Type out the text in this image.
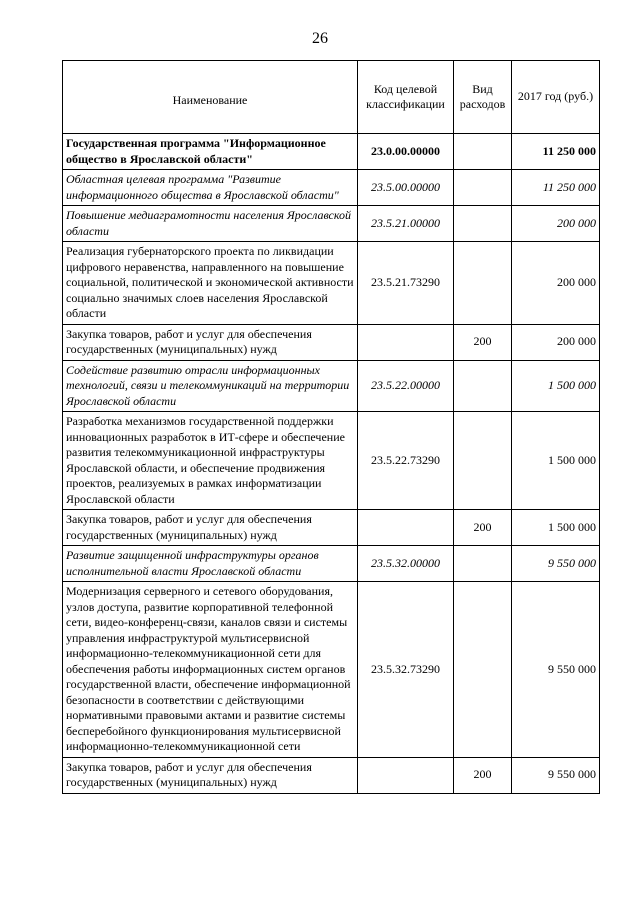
26
Наименование	Код целевой классификации	Вид расходов	2017 год (руб.)
Государственная программа "Информационное общество в Ярославской области"	23.0.00.00000		11 250 000
Областная целевая программа "Развитие информационного общества в Ярославской области"	23.5.00.00000		11 250 000
Повышение медиаграмотности населения Ярославской области	23.5.21.00000		200 000
Реализация губернаторского проекта по ликвидации цифрового неравенства, направленного на повышение социальной, политической и экономической активности социально значимых слоев населения Ярославской области	23.5.21.73290		200 000
Закупка товаров, работ и услуг для обеспечения государственных (муниципальных) нужд		200	200 000
Содействие развитию отрасли информационных технологий, связи и телекоммуникаций на территории Ярославской области	23.5.22.00000		1 500 000
Разработка механизмов государственной поддержки инновационных разработок в ИТ-сфере и обеспечение развития телекоммуникационной инфраструктуры Ярославской области, и обеспечение продвижения проектов, реализуемых в рамках информатизации Ярославской области	23.5.22.73290		1 500 000
Закупка товаров, работ и услуг для обеспечения государственных (муниципальных) нужд		200	1 500 000
Развитие защищенной инфраструктуры органов исполнительной власти Ярославской области	23.5.32.00000		9 550 000
Модернизация серверного и сетевого оборудования, узлов доступа, развитие корпоративной телефонной сети, видео-конференц-связи, каналов связи и системы управления инфраструктурой мультисервисной информационно-телекоммуникационной сети для обеспечения работы информационных систем органов государственной власти, обеспечение информационной безопасности в соответствии с действующими нормативными правовыми актами и развитие системы бесперебойного функционирования мультисервисной информационно-телекоммуникационной сети	23.5.32.73290		9 550 000
Закупка товаров, работ и услуг для обеспечения государственных (муниципальных) нужд		200	9 550 000
